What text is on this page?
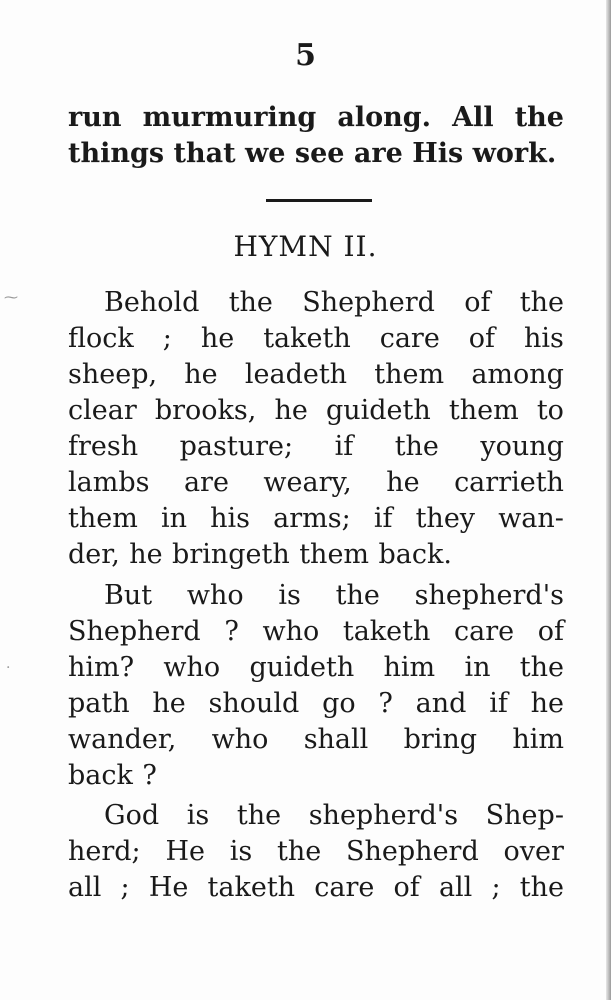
5
run murmuring along. All the
things that we see are His work.
HYMN II.
Behold the Shepherd of the
flock ; he taketh care of his
sheep, he leadeth them among
clear brooks, he guideth them to
fresh pasture; if the young
lambs are weary, he carrieth
them in his arms; if they wan-
der, he bringeth them back.
But who is the shepherd's
Shepherd ? who taketh care of
him? who guideth him in the
path he should go ? and if he
wander, who shall bring him
back ?
God is the shepherd's Shep-
herd; He is the Shepherd over
all ; He taketh care of all ; the
⁓
·
